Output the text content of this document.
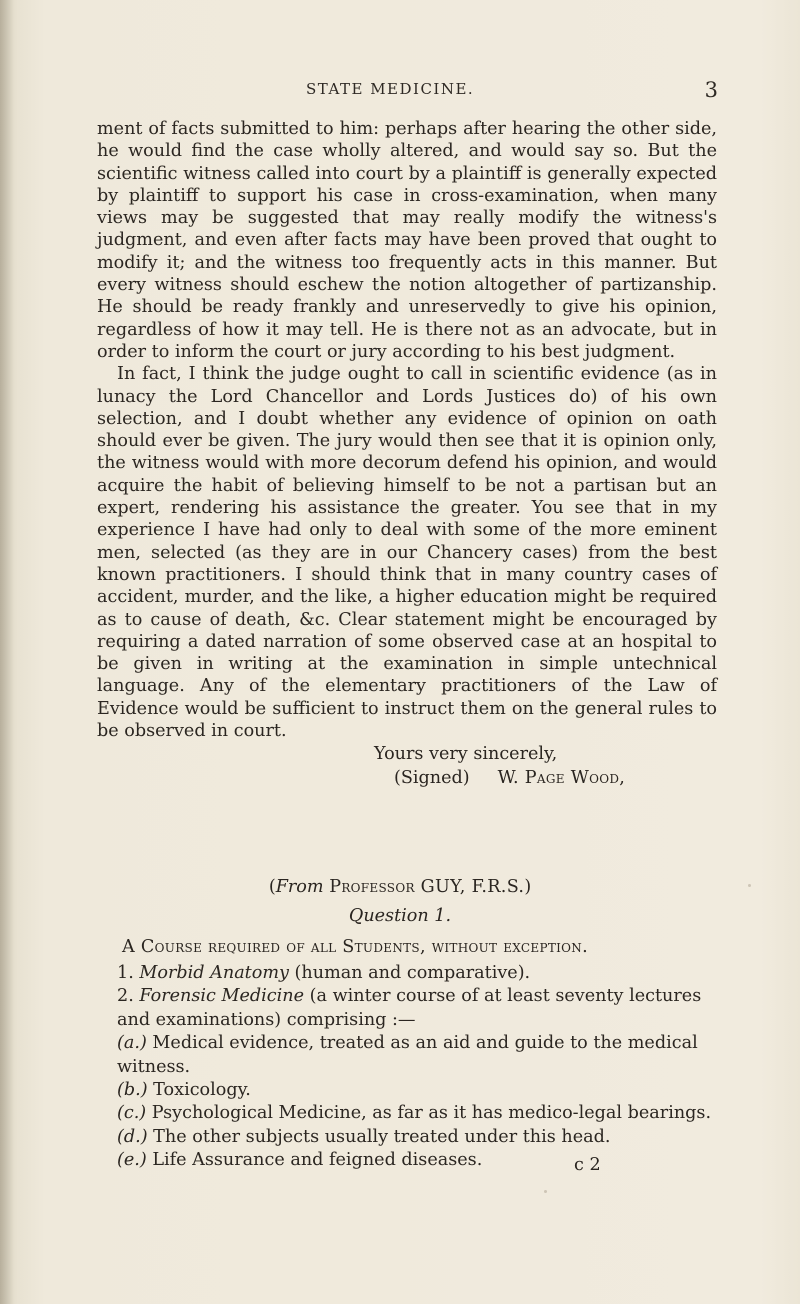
STATE MEDICINE.	3

ment of facts submitted to him: perhaps after hearing the other side, he would find the case wholly altered, and would say so. But the scientific witness called into court by a plaintiff is generally expected by plaintiff to support his case in cross-examination, when many views may be suggested that may really modify the witness's judgment, and even after facts may have been proved that ought to modify it; and the witness too frequently acts in this manner. But every witness should eschew the notion altogether of partizanship. He should be ready frankly and unreservedly to give his opinion, regardless of how it may tell. He is there not as an advocate, but in order to inform the court or jury according to his best judgment.

In fact, I think the judge ought to call in scientific evidence (as in lunacy the Lord Chancellor and Lords Justices do) of his own selection, and I doubt whether any evidence of opinion on oath should ever be given. The jury would then see that it is opinion only, the witness would with more decorum defend his opinion, and would acquire the habit of believing himself to be not a partisan but an expert, rendering his assistance the greater. You see that in my experience I have had only to deal with some of the more eminent men, selected (as they are in our Chancery cases) from the best known practitioners. I should think that in many country cases of accident, murder, and the like, a higher education might be required as to cause of death, &c. Clear statement might be encouraged by requiring a dated narration of some observed case at an hospital to be given in writing at the examination in simple untechnical language. Any of the elementary practitioners of the Law of Evidence would be sufficient to instruct them on the general rules to be observed in court.

Yours very sincerely,
(Signed) W. Page Wood,
(From Professor GUY, F.R.S.)
Question 1.
A Course required of all Students, without exception.
1. Morbid Anatomy (human and comparative).
2. Forensic Medicine (a winter course of at least seventy lectures and examinations) comprising :—
(a.) Medical evidence, treated as an aid and guide to the medical witness.
(b.) Toxicology.
(c.) Psychological Medicine, as far as it has medico-legal bearings.
(d.) The other subjects usually treated under this head.
(e.) Life Assurance and feigned diseases.	c 2
